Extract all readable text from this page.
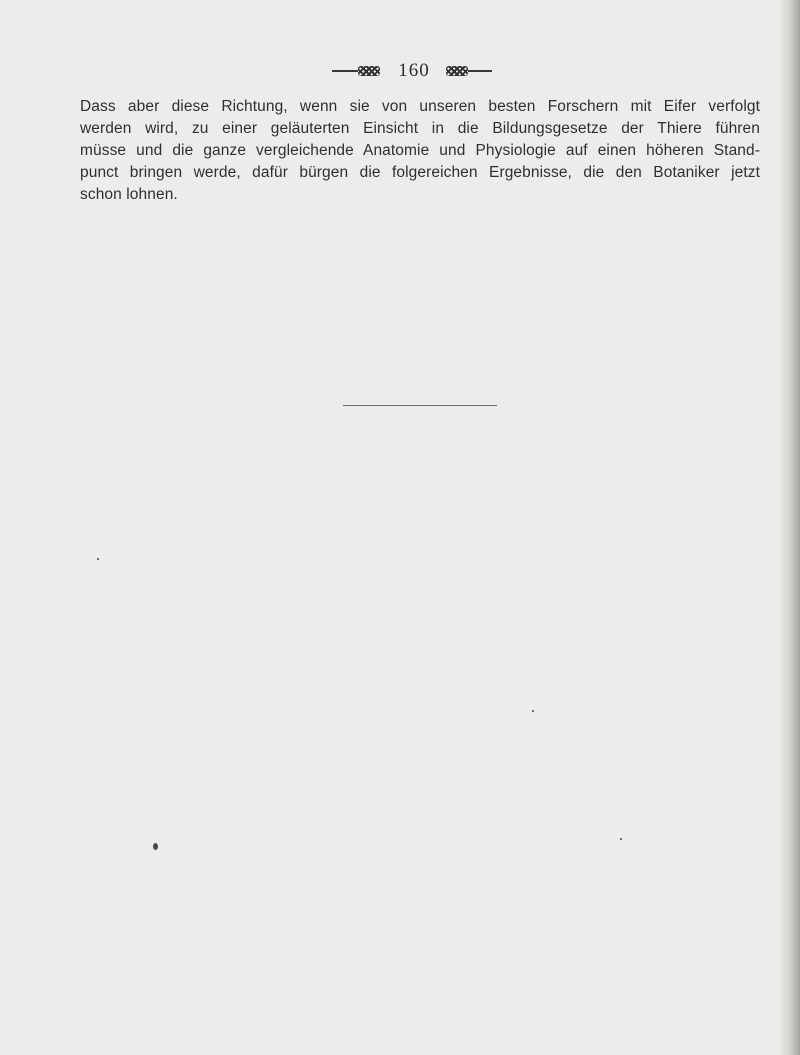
160
Dass aber diese Richtung, wenn sie von unseren besten Forschern mit Eifer verfolgt
werden wird, zu einer geläuterten Einsicht in die Bildungsgesetze der Thiere führen
müsse und die ganze vergleichende Anatomie und Physiologie auf einen höheren Stand-
punct bringen werde, dafür bürgen die folgereichen Ergebnisse, die den Botaniker jetzt
schon lohnen.
